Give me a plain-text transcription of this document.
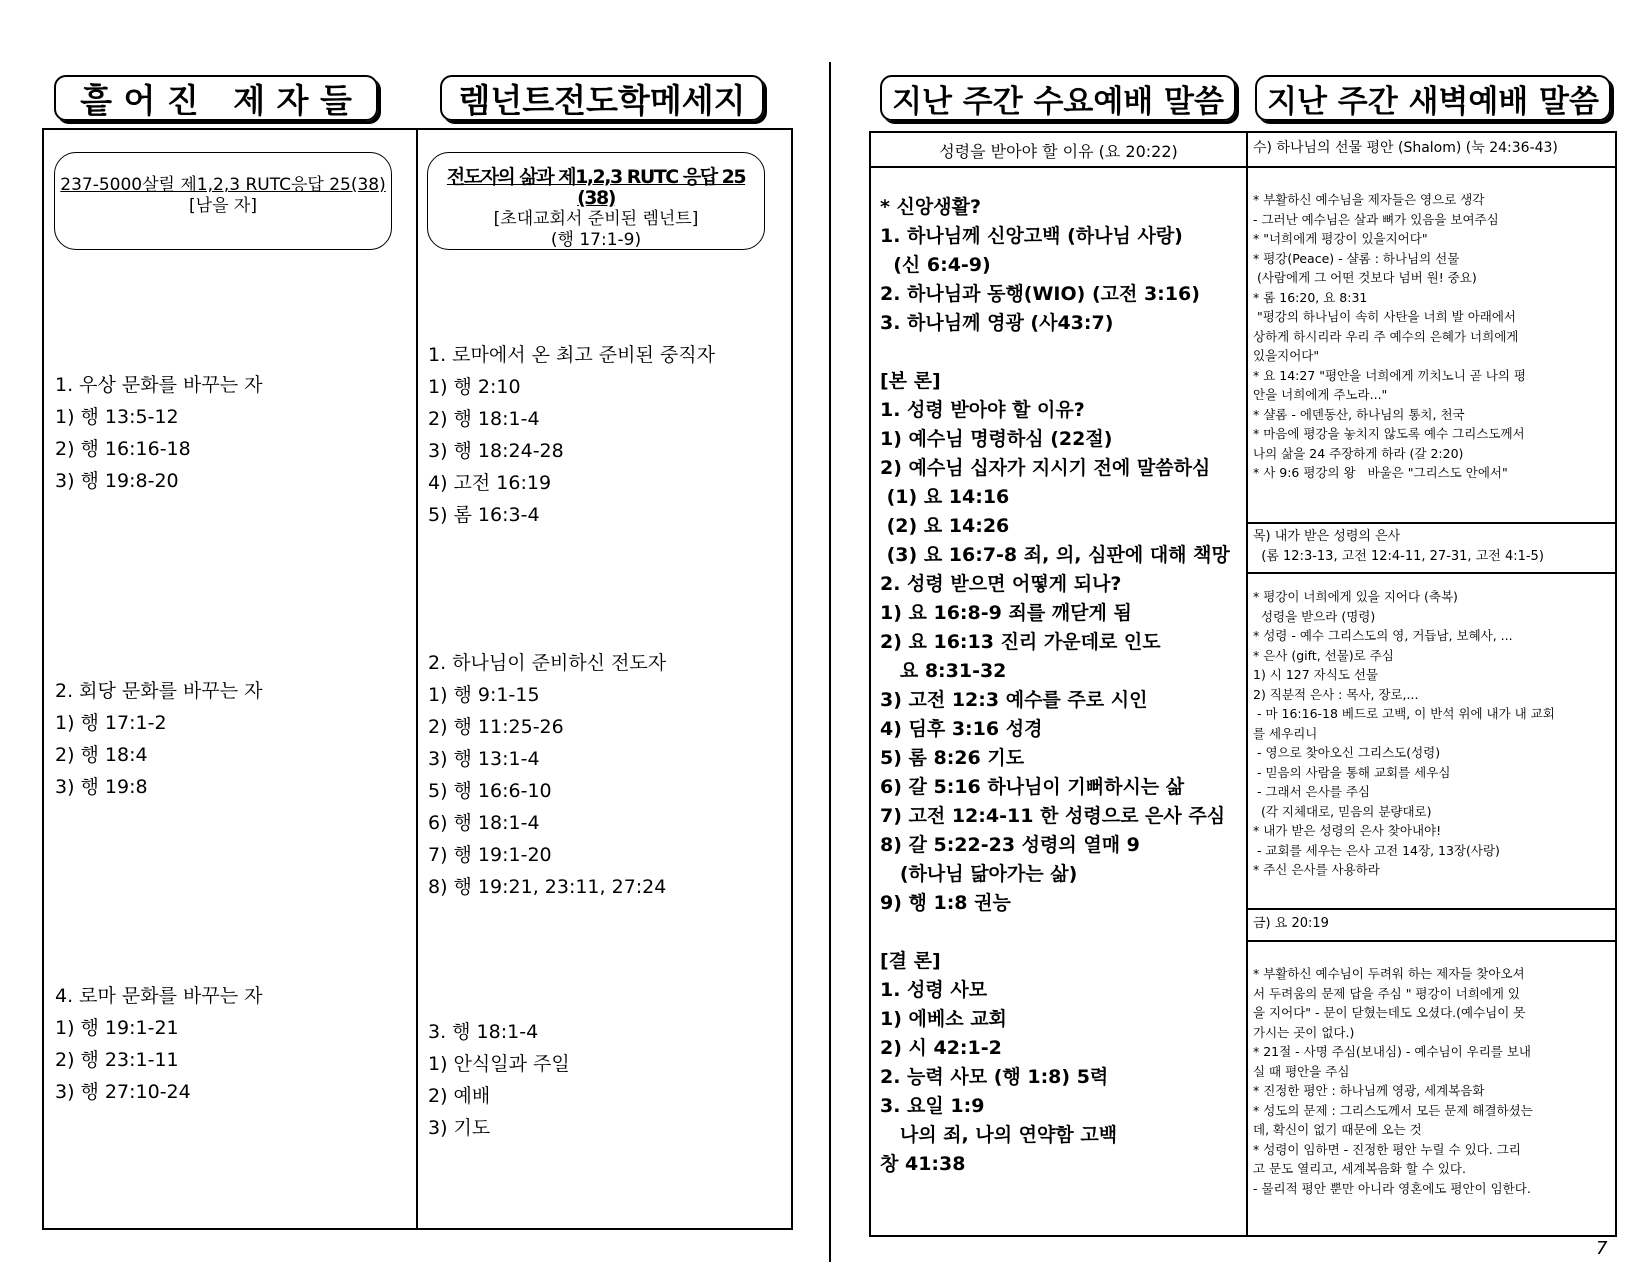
흩 어 진   제 자 들	렘넌트전도학메세지	지난 주간 수요예배 말씀 지난 주간 새벽예배 말씀
237-5000살릴 제1,2,3 RUTC응답 25(38)
[남을 자]
1. 우상 문화를 바꾸는 자
1) 행 13:5-12
2) 행 16:16-18
3) 행 19:8-20
2. 회당 문화를 바꾸는 자
1) 행 17:1-2
2) 행 18:4
3) 행 19:8
4. 로마 문화를 바꾸는 자
1) 행 19:1-21
2) 행 23:1-11
3) 행 27:10-24
전도자의 삶과 제1,2,3 RUTC 응답 25 (38)
[초대교회서 준비된 렘넌트]
(행 17:1-9)
1. 로마에서 온 최고 준비된 중직자
1) 행 2:10
2) 행 18:1-4
3) 행 18:24-28
4) 고전 16:19
5) 롬 16:3-4
2. 하나님이 준비하신 전도자
1) 행 9:1-15
2) 행 11:25-26
3) 행 13:1-4
5) 행 16:6-10
6) 행 18:1-4
7) 행 19:1-20
8) 행 19:21, 23:11, 27:24
3. 행 18:1-4
1) 안식일과 주일
2) 예배
3) 기도
성령을 받아야 할 이유 (요 20:22)
* 신앙생활?
1. 하나님께 신앙고백 (하나님 사랑)
(신 6:4-9)
2. 하나님과 동행(WIO) (고전 3:16)
3. 하나님께 영광 (사43:7)
[본 론]
1. 성령 받아야 할 이유?
1) 예수님 명령하심 (22절)
2) 예수님 십자가 지시기 전에 말씀하심
(1) 요 14:16
(2) 요 14:26
(3) 요 16:7-8 죄, 의, 심판에 대해 책망
2. 성령 받으면 어떻게 되나?
1) 요 16:8-9 죄를 깨닫게 됨
2) 요 16:13 진리 가운데로 인도
요 8:31-32
3) 고전 12:3 예수를 주로 시인
4) 딤후 3:16 성경
5) 롬 8:26 기도
6) 갈 5:16 하나님이 기뻐하시는 삶
7) 고전 12:4-11 한 성령으로 은사 주심
8) 갈 5:22-23 성령의 열매 9
(하나님 닮아가는 삶)
9) 행 1:8 권능
[결 론]
1. 성령 사모
1) 에베소 교회
2) 시 42:1-2
2. 능력 사모 (행 1:8) 5력
3. 요일 1:9
나의 죄, 나의 연약함 고백
창 41:38
수) 하나님의 선물 평안 (Shalom) (눅 24:36-43)
* 부활하신 예수님을 제자들은 영으로 생각
- 그러난 예수님은 살과 뼈가 있음을 보여주심
* "너희에게 평강이 있을지어다"
* 평강(Peace) - 샬롬 : 하나님의 선물
(사람에게 그 어떤 것보다 넘버 원! 중요)
* 롬 16:20, 요 8:31
"평강의 하나님이 속히 사탄을 너희 발 아래에서
상하게 하시리라 우리 주 예수의 은혜가 너희에게
있을지어다"
* 요 14:27 "평안을 너희에게 끼치노니 곧 나의 평
안을 너희에게 주노라..."
* 샬롬 - 에덴동산, 하나님의 통치, 천국
* 마음에 평강을 놓치지 않도록 예수 그리스도께서
나의 삶을 24 주장하게 하라 (갈 2:20)
* 사 9:6 평강의 왕   바울은 "그리스도 안에서"
목) 내가 받은 성령의 은사
(롬 12:3-13, 고전 12:4-11, 27-31, 고전 4:1-5)
* 평강이 너희에게 있을 지어다 (축복)
성령을 받으라 (명령)
* 성령 - 예수 그리스도의 영, 거듭남, 보혜사, ...
* 은사 (gift, 선물)로 주심
1) 시 127 자식도 선물
2) 직분적 은사 : 목사, 장로,...
- 마 16:16-18 베드로 고백, 이 반석 위에 내가 내 교회
를 세우리니
- 영으로 찾아오신 그리스도(성령)
- 믿음의 사람을 통해 교회를 세우심
- 그래서 은사를 주심
(각 지체대로, 믿음의 분량대로)
* 내가 받은 성령의 은사 찾아내야!
- 교회를 세우는 은사 고전 14장, 13장(사랑)
* 주신 은사를 사용하라
금) 요 20:19
* 부활하신 예수님이 두려워 하는 제자들 찾아오셔
서 두려움의 문제 답을 주심 " 평강이 너희에게 있
을 지어다" - 문이 닫혔는데도 오셨다.(예수님이 못
가시는 곳이 없다.)
* 21절 - 사명 주심(보내심) - 예수님이 우리를 보내
실 때 평안을 주심
* 진정한 평안 : 하나님께 영광, 세계복음화
* 성도의 문제 : 그리스도께서 모든 문제 해결하셨는
데, 확신이 없기 때문에 오는 것
* 성령이 임하면 - 진정한 평안 누릴 수 있다. 그리
고 문도 열리고, 세계복음화 할 수 있다.
- 물리적 평안 뿐만 아니라 영혼에도 평안이 임한다.
7
